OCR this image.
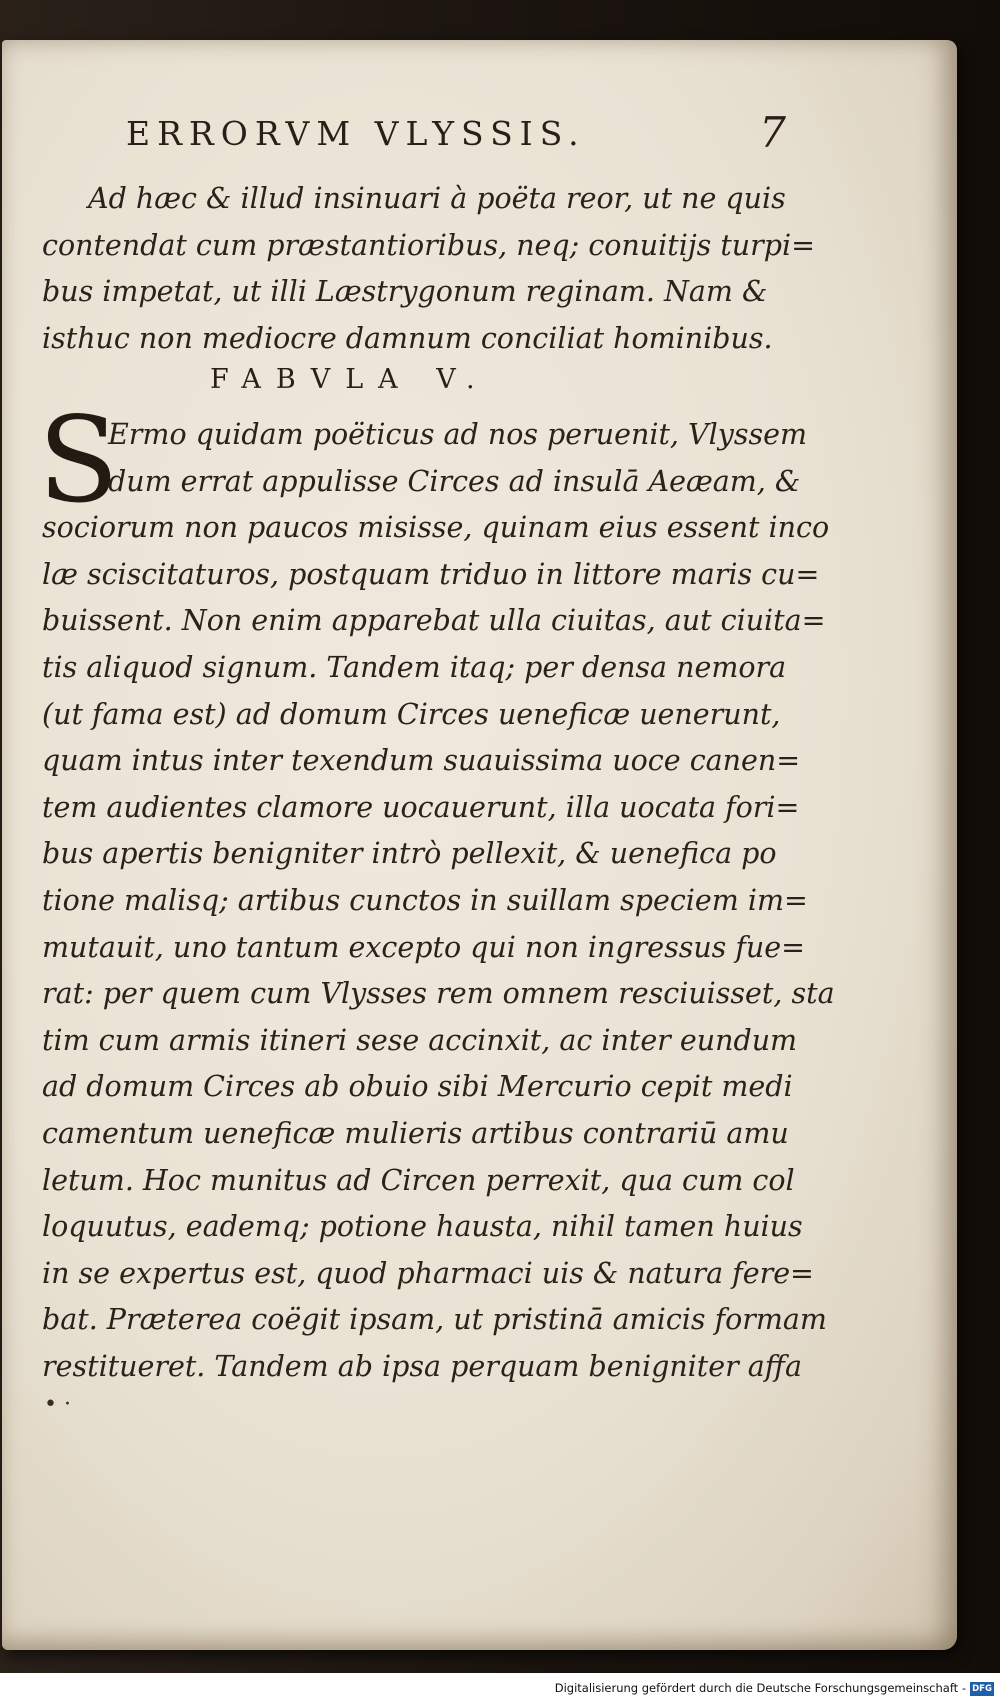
ERRORVM VLYSSIS.	7
Ad hæc & illud insinuari à poëta reor, ut ne quis
contendat cum præstantioribus, neq; conuitijs turpi=
bus impetat, ut illi Læstrygonum reginam. Nam &
isthuc non mediocre damnum conciliat hominibus.
FABVLA V.
S
Ermo quidam poëticus ad nos peruenit, Vlyssem
dum errat appulisse Circes ad insulā Aeæam, &
sociorum non paucos misisse, quinam eius essent inco
læ sciscitaturos, postquam triduo in littore maris cu=
buissent. Non enim apparebat ulla ciuitas, aut ciuita=
tis aliquod signum. Tandem itaq; per densa nemora
(ut fama est) ad domum Circes ueneficæ uenerunt,
quam intus inter texendum suauissima uoce canen=
tem audientes clamore uocauerunt, illa uocata fori=
bus apertis benigniter intrò pellexit, & uenefica po
tione malisq; artibus cunctos in suillam speciem im=
mutauit, uno tantum excepto qui non ingressus fue=
rat: per quem cum Vlysses rem omnem resciuisset, sta
tim cum armis itineri sese accinxit, ac inter eundum
ad domum Circes ab obuio sibi Mercurio cepit medi
camentum ueneficæ mulieris artibus contrariū amu
letum. Hoc munitus ad Circen perrexit, qua cum col
loquutus, eademq; potione hausta, nihil tamen huius
in se expertus est, quod pharmaci uis & natura fere=
bat. Præterea coëgit ipsam, ut pristinā amicis formam
restitueret. Tandem ab ipsa perquam benigniter affa
• ·
Digitalisierung gefördert durch die Deutsche Forschungsgemeinschaft - DFG
